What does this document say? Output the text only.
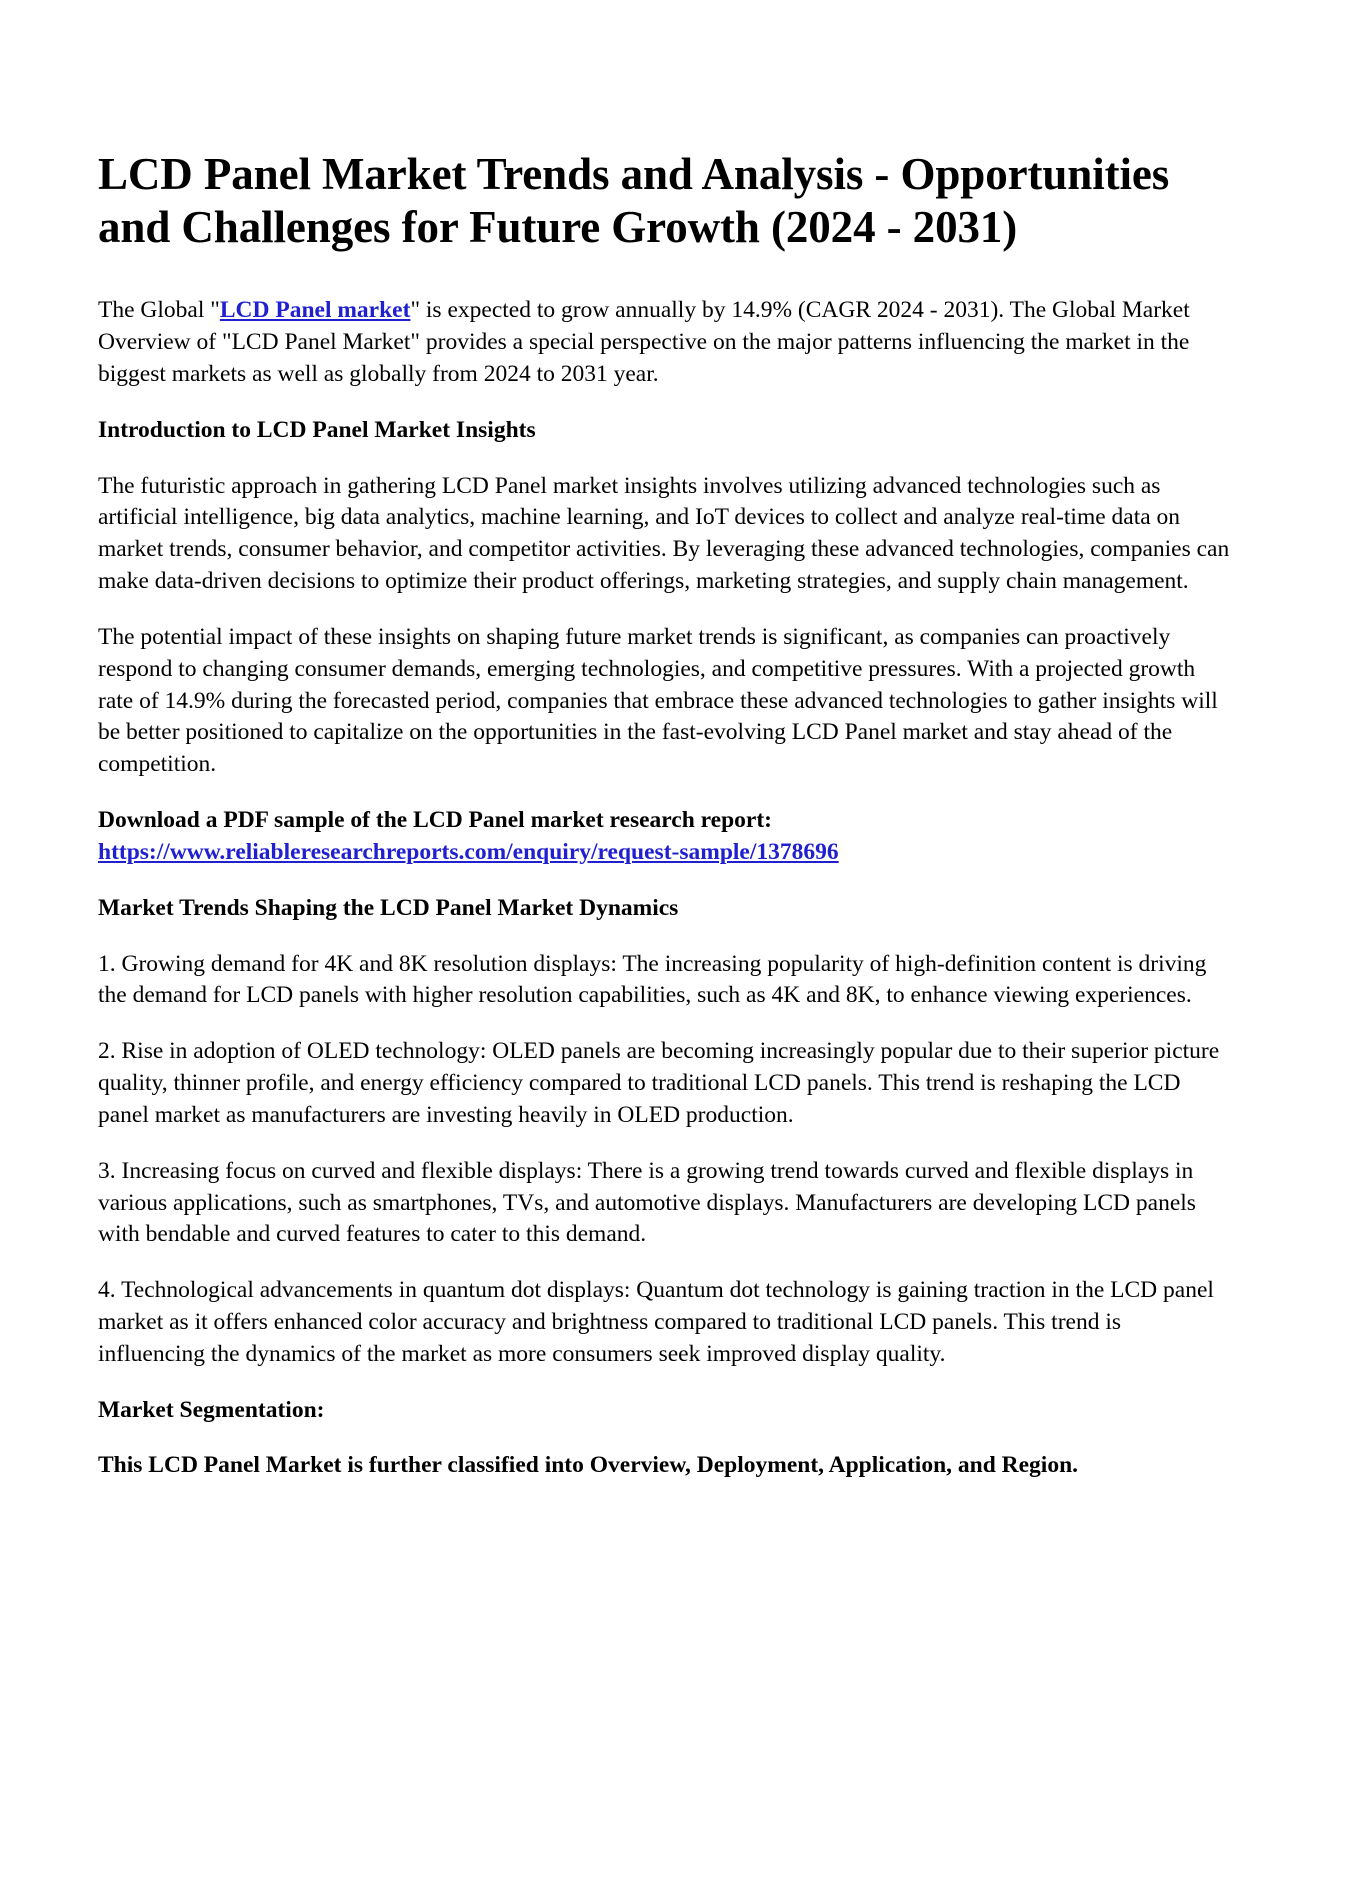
LCD Panel Market Trends and Analysis - Opportunities and Challenges for Future Growth (2024 - 2031)

The Global "LCD Panel market" is expected to grow annually by 14.9% (CAGR 2024 - 2031). The Global Market Overview of "LCD Panel Market" provides a special perspective on the major patterns influencing the market in the biggest markets as well as globally from 2024 to 2031 year.

Introduction to LCD Panel Market Insights

The futuristic approach in gathering LCD Panel market insights involves utilizing advanced technologies such as artificial intelligence, big data analytics, machine learning, and IoT devices to collect and analyze real-time data on market trends, consumer behavior, and competitor activities. By leveraging these advanced technologies, companies can make data-driven decisions to optimize their product offerings, marketing strategies, and supply chain management.

The potential impact of these insights on shaping future market trends is significant, as companies can proactively respond to changing consumer demands, emerging technologies, and competitive pressures. With a projected growth rate of 14.9% during the forecasted period, companies that embrace these advanced technologies to gather insights will be better positioned to capitalize on the opportunities in the fast-evolving LCD Panel market and stay ahead of the competition.

Download a PDF sample of the LCD Panel market research report:
https://www.reliableresearchreports.com/enquiry/request-sample/1378696

Market Trends Shaping the LCD Panel Market Dynamics

1. Growing demand for 4K and 8K resolution displays: The increasing popularity of high-definition content is driving the demand for LCD panels with higher resolution capabilities, such as 4K and 8K, to enhance viewing experiences.

2. Rise in adoption of OLED technology: OLED panels are becoming increasingly popular due to their superior picture quality, thinner profile, and energy efficiency compared to traditional LCD panels. This trend is reshaping the LCD panel market as manufacturers are investing heavily in OLED production.

3. Increasing focus on curved and flexible displays: There is a growing trend towards curved and flexible displays in various applications, such as smartphones, TVs, and automotive displays. Manufacturers are developing LCD panels with bendable and curved features to cater to this demand.

4. Technological advancements in quantum dot displays: Quantum dot technology is gaining traction in the LCD panel market as it offers enhanced color accuracy and brightness compared to traditional LCD panels. This trend is influencing the dynamics of the market as more consumers seek improved display quality.

Market Segmentation:

This LCD Panel Market is further classified into Overview, Deployment, Application, and Region.
